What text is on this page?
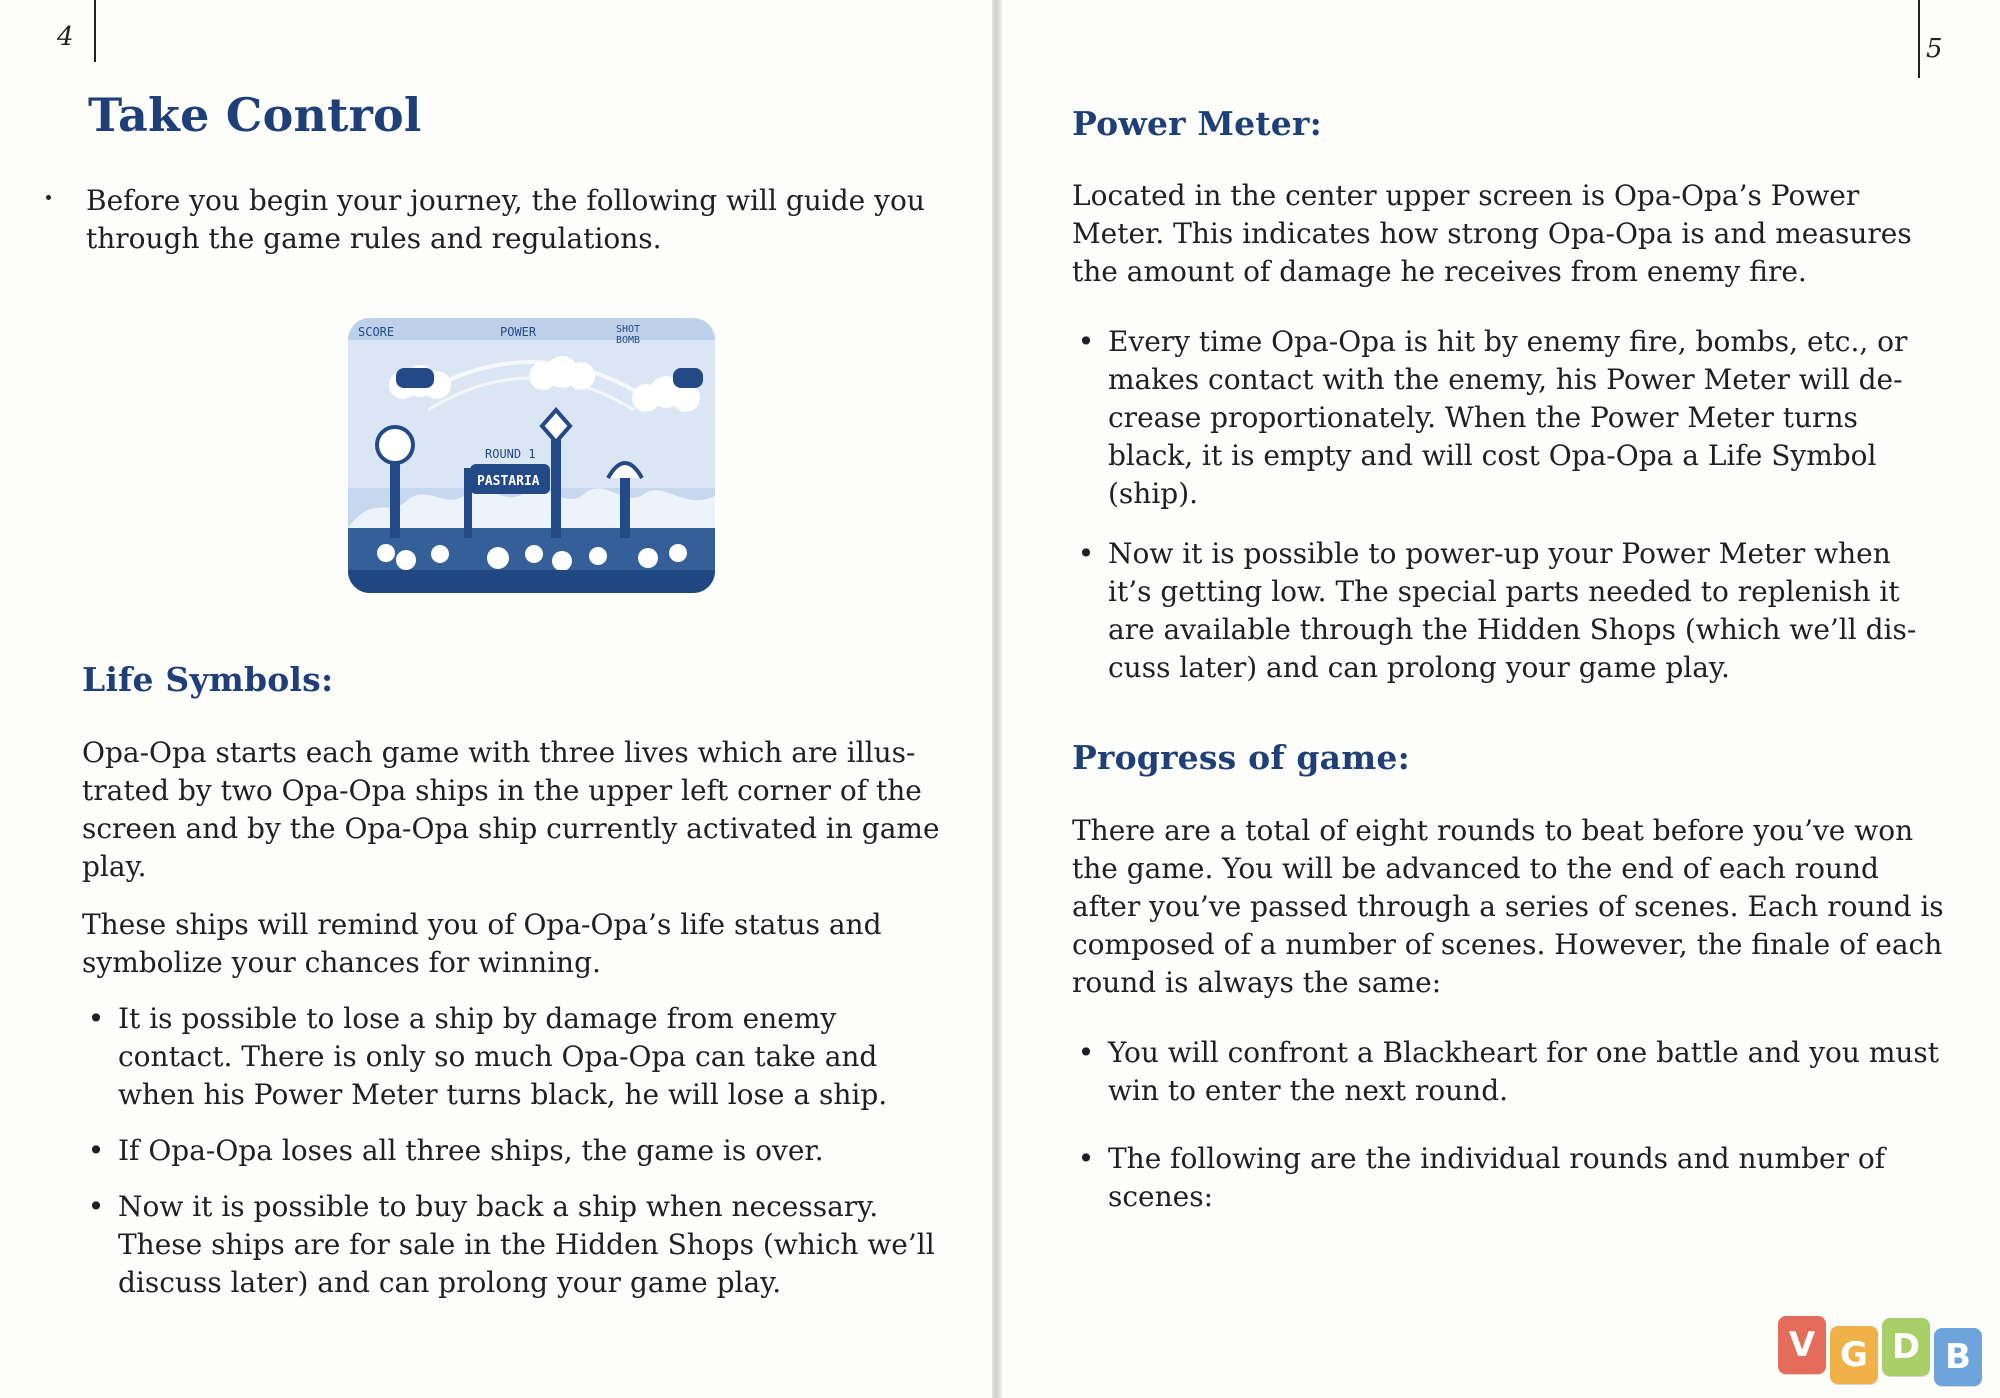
4
Take Control

Before you begin your journey, the following will guide you through the game rules and regulations.

SCORE	POWER	SHOT
BOMB
ROUND 1
PASTARIA
Life Symbols:

Opa-Opa starts each game with three lives which are illus-trated by two Opa-Opa ships in the upper left corner of the screen and by the Opa-Opa ship currently activated in game play.

These ships will remind you of Opa-Opa’s life status and symbolize your chances for winning.

• It is possible to lose a ship by damage from enemy contact. There is only so much Opa-Opa can take and when his Power Meter turns black, he will lose a ship.
• If Opa-Opa loses all three ships, the game is over.
• Now it is possible to buy back a ship when necessary. These ships are for sale in the Hidden Shops (which we’ll discuss later) and can prolong your game play.
5
Power Meter:

Located in the center upper screen is Opa-Opa’s Power Meter. This indicates how strong Opa-Opa is and measures the amount of damage he receives from enemy fire.

• Every time Opa-Opa is hit by enemy fire, bombs, etc., or makes contact with the enemy, his Power Meter will de-crease proportionately. When the Power Meter turns black, it is empty and will cost Opa-Opa a Life Symbol (ship).
• Now it is possible to power-up your Power Meter when it’s getting low. The special parts needed to replenish it are available through the Hidden Shops (which we’ll dis-cuss later) and can prolong your game play.
Progress of game:

There are a total of eight rounds to beat before you’ve won the game. You will be advanced to the end of each round after you’ve passed through a series of scenes. Each round is composed of a number of scenes. However, the finale of each round is always the same:

• You will confront a Blackheart for one battle and you must win to enter the next round.
• The following are the individual rounds and number of scenes:
V G D B
